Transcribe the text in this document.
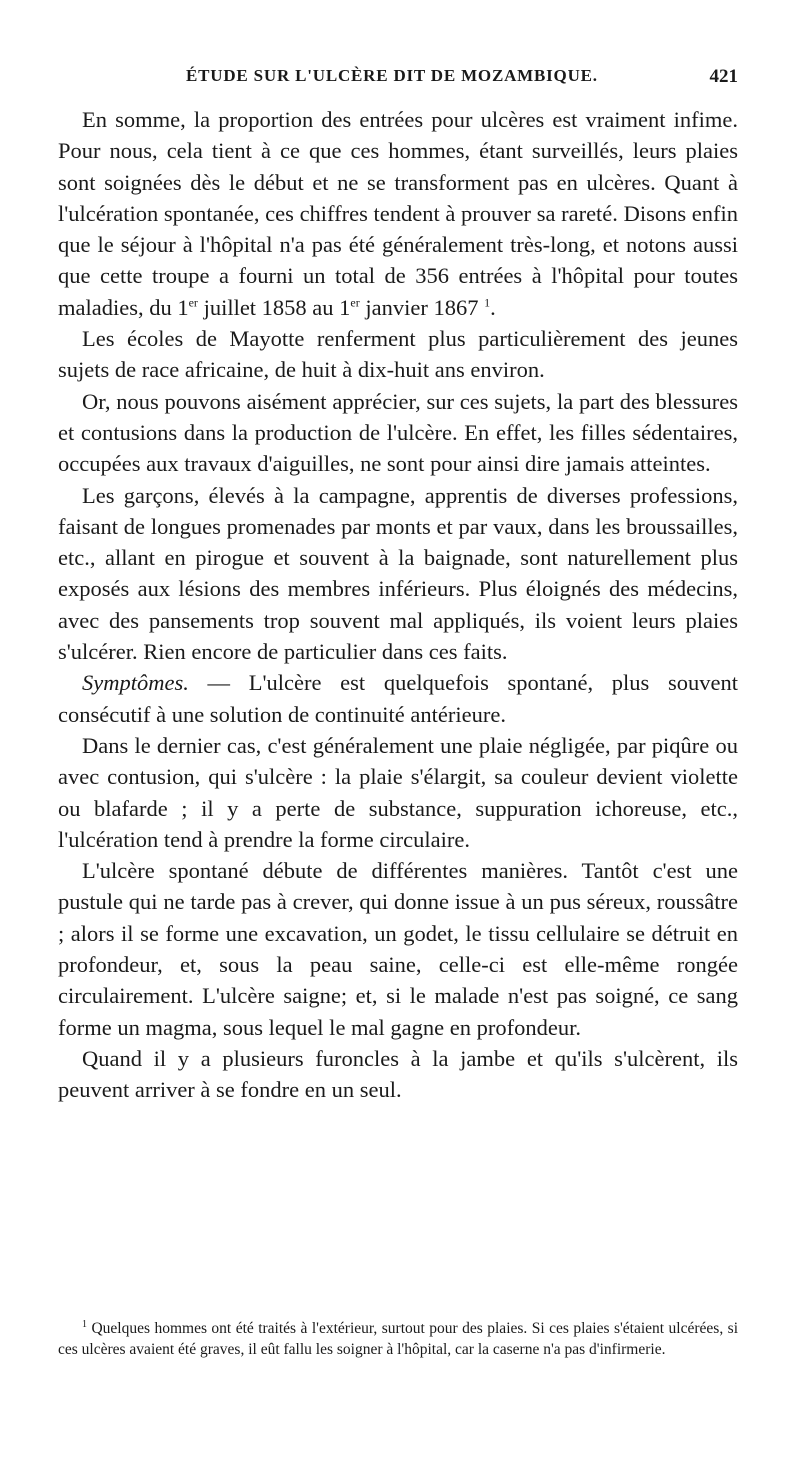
ÉTUDE SUR L'ULCÈRE DIT DE MOZAMBIQUE.	421

En somme, la proportion des entrées pour ulcères est vraiment infime. Pour nous, cela tient à ce que ces hommes, étant surveillés, leurs plaies sont soignées dès le début et ne se transforment pas en ulcères. Quant à l'ulcération spontanée, ces chiffres tendent à prouver sa rareté. Disons enfin que le séjour à l'hôpital n'a pas été généralement très-long, et notons aussi que cette troupe a fourni un total de 356 entrées à l'hôpital pour toutes maladies, du 1er juillet 1858 au 1er janvier 1867 $^1$.

Les écoles de Mayotte renferment plus particulièrement des jeunes sujets de race africaine, de huit à dix-huit ans environ.

Or, nous pouvons aisément apprécier, sur ces sujets, la part des blessures et contusions dans la production de l'ulcère. En effet, les filles sédentaires, occupées aux travaux d'aiguilles, ne sont pour ainsi dire jamais atteintes.

Les garçons, élevés à la campagne, apprentis de diverses professions, faisant de longues promenades par monts et par vaux, dans les broussailles, etc., allant en pirogue et souvent à la baignade, sont naturellement plus exposés aux lésions des membres inférieurs. Plus éloignés des médecins, avec des pansements trop souvent mal appliqués, ils voient leurs plaies s'ulcérer. Rien encore de particulier dans ces faits.

Symptômes. — L'ulcère est quelquefois spontané, plus souvent consécutif à une solution de continuité antérieure.

Dans le dernier cas, c'est généralement une plaie négligée, par piqûre ou avec contusion, qui s'ulcère : la plaie s'élargit, sa couleur devient violette ou blafarde ; il y a perte de substance, suppuration ichoreuse, etc., l'ulcération tend à prendre la forme circulaire.

L'ulcère spontané débute de différentes manières. Tantôt c'est une pustule qui ne tarde pas à crever, qui donne issue à un pus séreux, roussâtre ; alors il se forme une excavation, un godet, le tissu cellulaire se détruit en profondeur, et, sous la peau saine, celle-ci est elle-même rongée circulairement. L'ulcère saigne; et, si le malade n'est pas soigné, ce sang forme un magma, sous lequel le mal gagne en profondeur.

Quand il y a plusieurs furoncles à la jambe et qu'ils s'ulcèrent, ils peuvent arriver à se fondre en un seul.

$^1$ Quelques hommes ont été traités à l'extérieur, surtout pour des plaies. Si ces plaies s'étaient ulcérées, si ces ulcères avaient été graves, il eût fallu les soigner à l'hôpital, car la caserne n'a pas d'infirmerie.
